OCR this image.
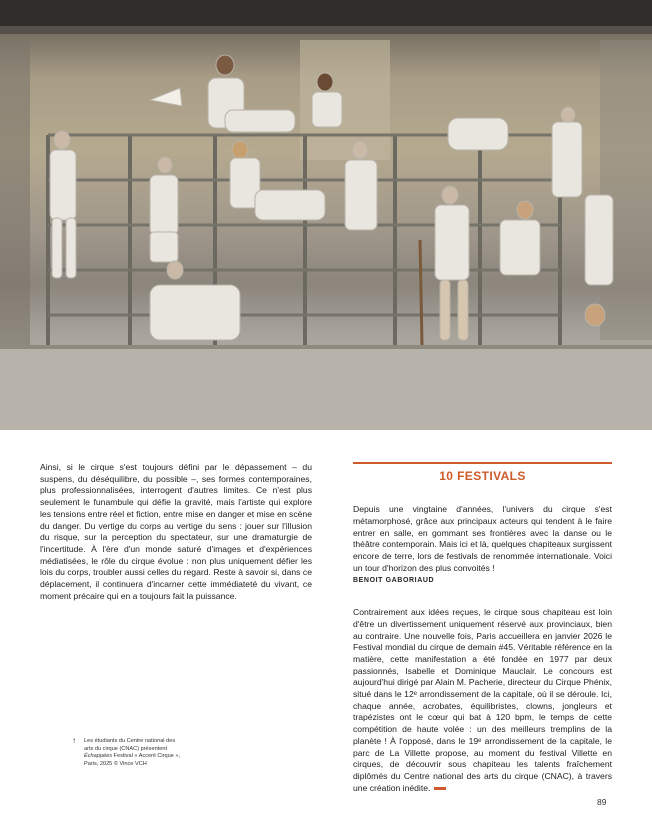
Ainsi, si le cirque s'est toujours défini par le dépassement – du suspens, du déséquilibre, du possible –, ses formes contemporaines, plus professionnalisées, interrogent d'autres limites. Ce n'est plus seulement le funambule qui défie la gravité, mais l'artiste qui explore les tensions entre réel et fiction, entre mise en danger et mise en scène du danger. Du vertige du corps au vertige du sens : jouer sur l'illusion du risque, sur la perception du spectateur, sur une dramaturgie de l'incertitude. À l'ère d'un monde saturé d'images et d'expériences médiatisées, le rôle du cirque évolue : non plus uniquement défier les lois du corps, troubler aussi celles du regard. Reste à savoir si, dans ce déplacement, il continuera d'incarner cette immédiateté du vivant, ce moment précaire qui en a toujours fait la puissance.

↑ Les étudiants du Centre national des arts du cirque (CNAC) présentent Échappées Festival « Accent Cirque », Paris, 2025 © Vince VCH
10 FESTIVALS

Depuis une vingtaine d'années, l'univers du cirque s'est métamorphosé, grâce aux principaux acteurs qui tendent à le faire entrer en salle, en gommant ses frontières avec la danse ou le théâtre contemporain. Mais ici et là, quelques chapiteaux surgissent encore de terre, lors de festivals de renommée internationale. Voici un tour d'horizon des plus convoités !

BENOIT GABORIAUD

Contrairement aux idées reçues, le cirque sous chapiteau est loin d'être un divertissement uniquement réservé aux provinciaux, bien au contraire. Une nouvelle fois, Paris accueillera en janvier 2026 le Festival mondial du cirque de demain #45. Véritable référence en la matière, cette manifestation a été fondée en 1977 par deux passionnés, Isabelle et Dominique Mauclair. Le concours est aujourd'hui dirigé par Alain M. Pacherie, directeur du Cirque Phénix, situé dans le 12ᵉ arrondissement de la capitale, où il se déroule. Ici, chaque année, acrobates, équilibristes, clowns, jongleurs et trapézistes ont le cœur qui bat à 120 bpm, le temps de cette compétition de haute volée : un des meilleurs tremplins de la planète ! À l'opposé, dans le 19ᵉ arrondissement de la capitale, le parc de La Villette propose, au moment du festival Villette en cirques, de découvrir sous chapiteau les talents fraîchement diplômés du Centre national des arts du cirque (CNAC), à travers une création inédite.

89
